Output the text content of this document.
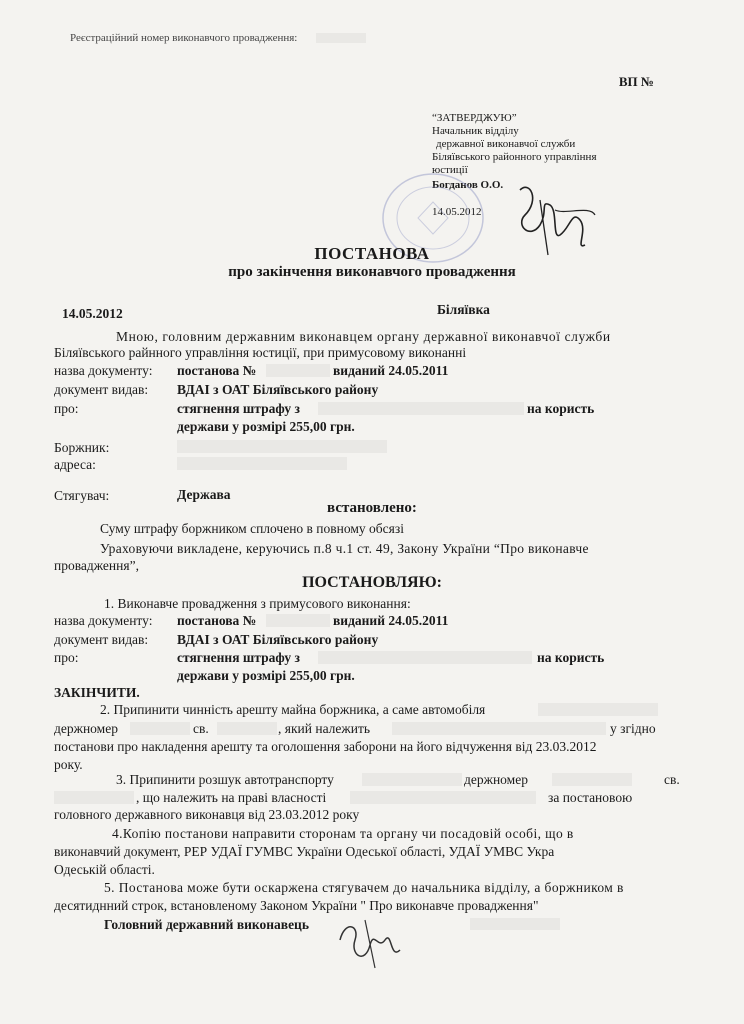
Реєстраційний номер виконавчого провадження:
ВП №
“ЗАТВЕРДЖУЮ”
Начальник відділу
державної виконавчої служби
Біляївського районного управління
юстиції
Богданов О.О.
14.05.2012
ПОСТАНОВА
про закінчення виконавчого провадження
14.05.2012	Біляївка
Мною, головним державним виконавцем органу державної виконавчої служби
Біляївського райнного управління юстиції, при примусовому виконанні
назва документу: постанова №	виданий 24.05.2011
документ видав: ВДАІ з ОАТ Біляївського району
про:	стягнення штрафу з	на користь
держави у розмірі 255,00 грн.
Боржник:
адреса:
Стягувач:	Держава
встановлено:
Суму штрафу боржником сплочено в повному обсязі
Ураховуючи викладене, керуючись п.8 ч.1 ст. 49, Закону України “Про виконавче
провадження”,
ПОСТАНОВЛЯЮ:
1. Виконавче провадження з примусового виконання:
назва документу: постанова №	виданий 24.05.2011
документ видав: ВДАІ з ОАТ Біляївського району
про:	стягнення штрафу з	на користь
держави у розмірі 255,00 грн.
ЗАКІНЧИТИ.
2. Припинити чинність арешту майна боржника, а саме автомобіля
держномер	св.	, який належить	у згідно
постанови про накладення арешту та оголошення заборони на його відчуження від 23.03.2012
року.
3. Припинити розшук автотранспорту	держномер	св.
, що належить на праві власності	за постановою
головного державного виконавця від 23.03.2012 року
4.Копію постанови направити сторонам та органу чи посадовій особі, що в
виконавчий документ, РЕР УДАЇ ГУМВС України Одеської області, УДАЇ УМВС Укра
Одеській області.
5. Постанова може бути оскаржена стягувачем до начальника відділу, а боржником в
десятиднний строк, встановленому Законом України " Про виконавче провадження"
Головний державний виконавець
